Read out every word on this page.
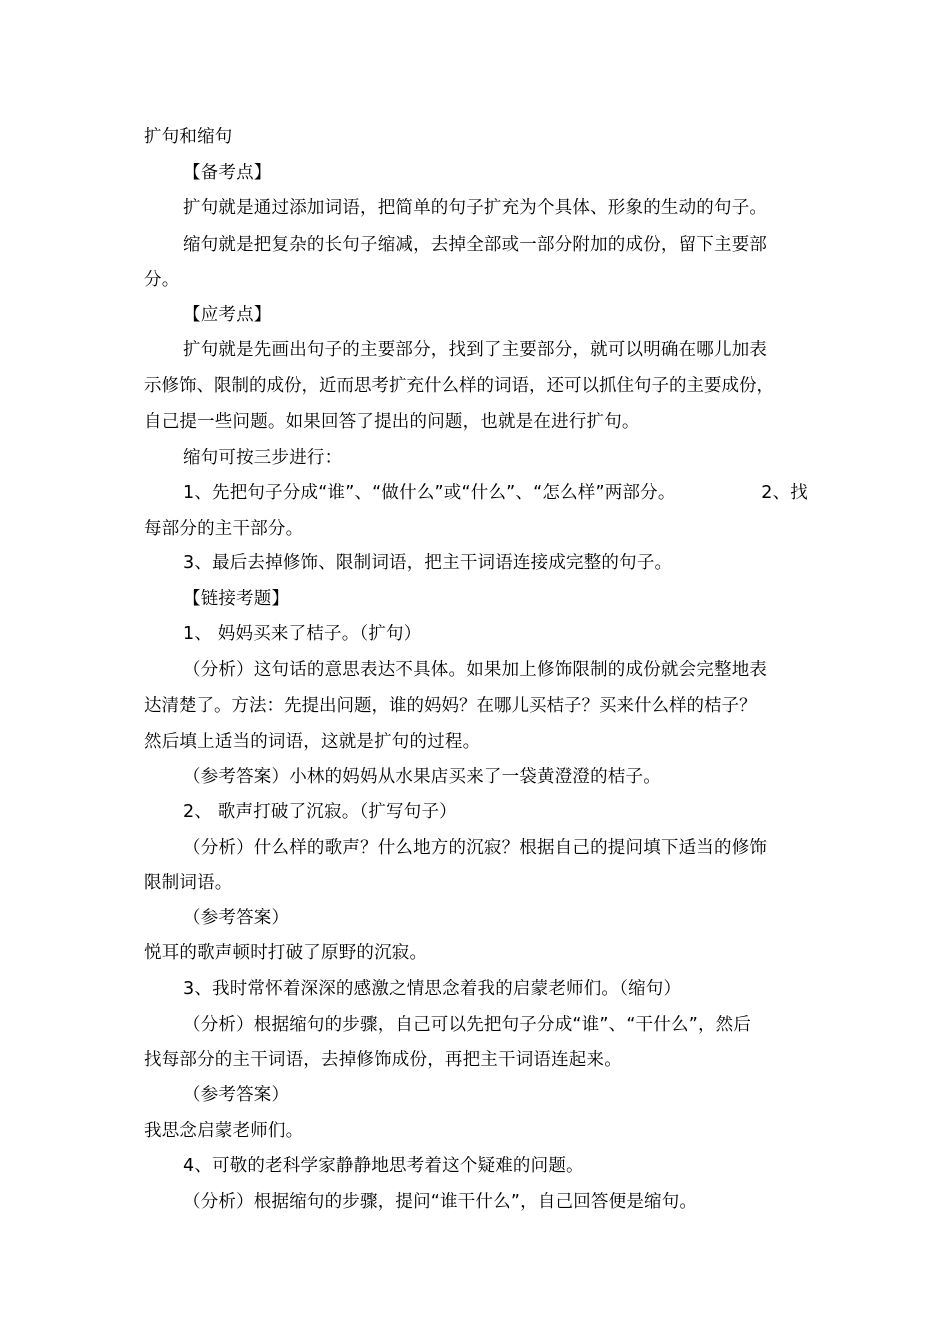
扩句和缩句
【备考点】
扩句就是通过添加词语，把简单的句子扩充为个具体、形象的生动的句子。
缩句就是把复杂的长句子缩减，去掉全部或一部分附加的成份，留下主要部
分。
【应考点】
扩句就是先画出句子的主要部分，找到了主要部分，就可以明确在哪儿加表
示修饰、限制的成份，近而思考扩充什么样的词语，还可以抓住句子的主要成份，
自己提一些问题。如果回答了提出的问题，也就是在进行扩句。
缩句可按三步进行：
1、先把句子分成“谁”、“做什么”或“什么”、“怎么样”两部分。	2、找
每部分的主干部分。
3、最后去掉修饰、限制词语，把主干词语连接成完整的句子。
【链接考题】
1、 妈妈买来了桔子。（扩句）
（分析）这句话的意思表达不具体。如果加上修饰限制的成份就会完整地表
达清楚了。方法：先提出问题，谁的妈妈？在哪儿买桔子？买来什么样的桔子？
然后填上适当的词语，这就是扩句的过程。
（参考答案）小林的妈妈从水果店买来了一袋黄澄澄的桔子。
2、 歌声打破了沉寂。（扩写句子）
（分析）什么样的歌声？什么地方的沉寂？根据自己的提问填下适当的修饰
限制词语。
（参考答案）
悦耳的歌声顿时打破了原野的沉寂。
3、我时常怀着深深的感激之情思念着我的启蒙老师们。（缩句）
（分析）根据缩句的步骤，自己可以先把句子分成“谁”、“干什么”，然后
找每部分的主干词语，去掉修饰成份，再把主干词语连起来。
（参考答案）
我思念启蒙老师们。
4、可敬的老科学家静静地思考着这个疑难的问题。
（分析）根据缩句的步骤，提问“谁干什么”，自己回答便是缩句。
